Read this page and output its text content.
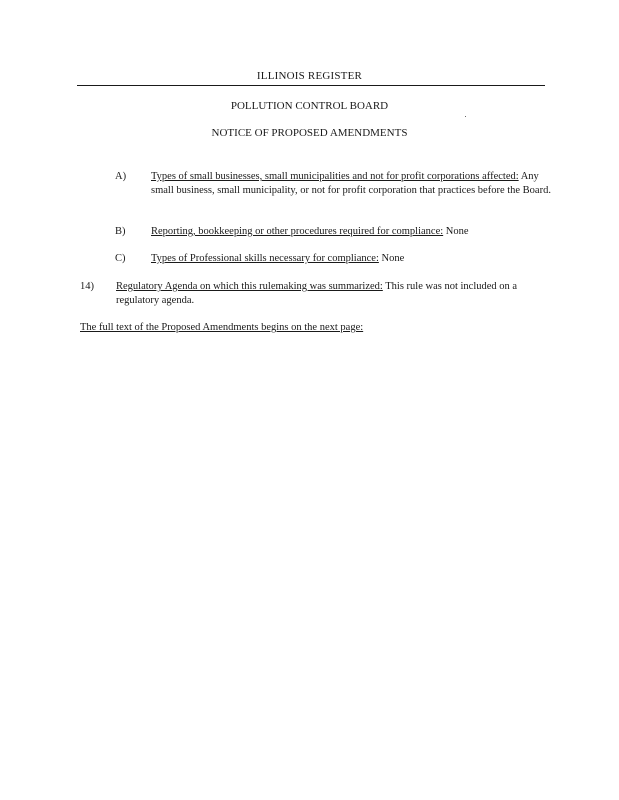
ILLINOIS REGISTER
POLLUTION CONTROL BOARD
NOTICE OF PROPOSED AMENDMENTS
A) Types of small businesses, small municipalities and not for profit corporations affected: Any small business, small municipality, or not for profit corporation that practices before the Board.
B) Reporting, bookkeeping or other procedures required for compliance: None
C) Types of Professional skills necessary for compliance: None
14) Regulatory Agenda on which this rulemaking was summarized: This rule was not included on a regulatory agenda.
The full text of the Proposed Amendments begins on the next page:
